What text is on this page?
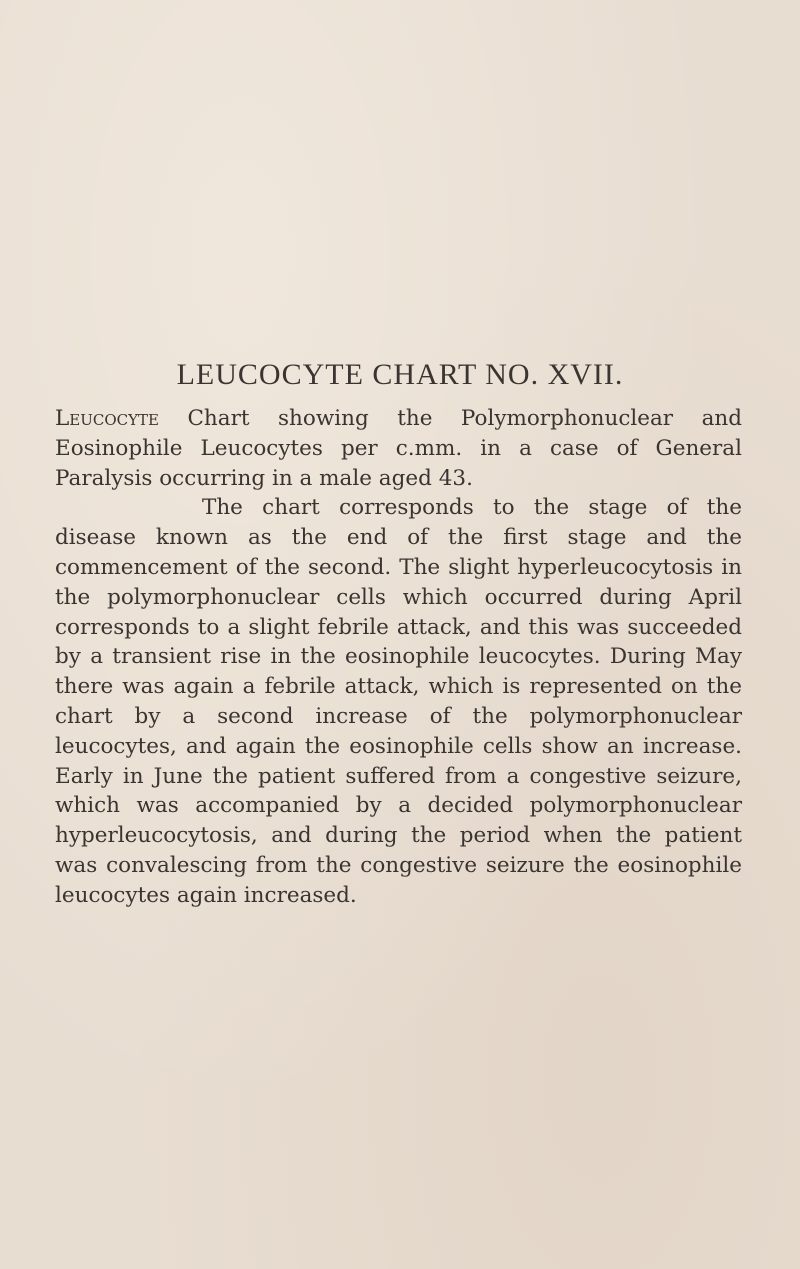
LEUCOCYTE CHART NO. XVII.

Leucocyte Chart showing the Polymorphonuclear and Eosinophile Leucocytes per c.mm. in a case of General Paralysis occurring in a male aged 43.

The chart corresponds to the stage of the disease known as the end of the first stage and the commencement of the second. The slight hyperleucocytosis in the polymorphonuclear cells which occurred during April corresponds to a slight febrile attack, and this was succeeded by a transient rise in the eosinophile leucocytes. During May there was again a febrile attack, which is represented on the chart by a second increase of the polymorphonuclear leucocytes, and again the eosinophile cells show an increase. Early in June the patient suffered from a congestive seizure, which was accompanied by a decided polymorphonuclear hyperleucocytosis, and during the period when the patient was convalescing from the congestive seizure the eosinophile leucocytes again increased.
